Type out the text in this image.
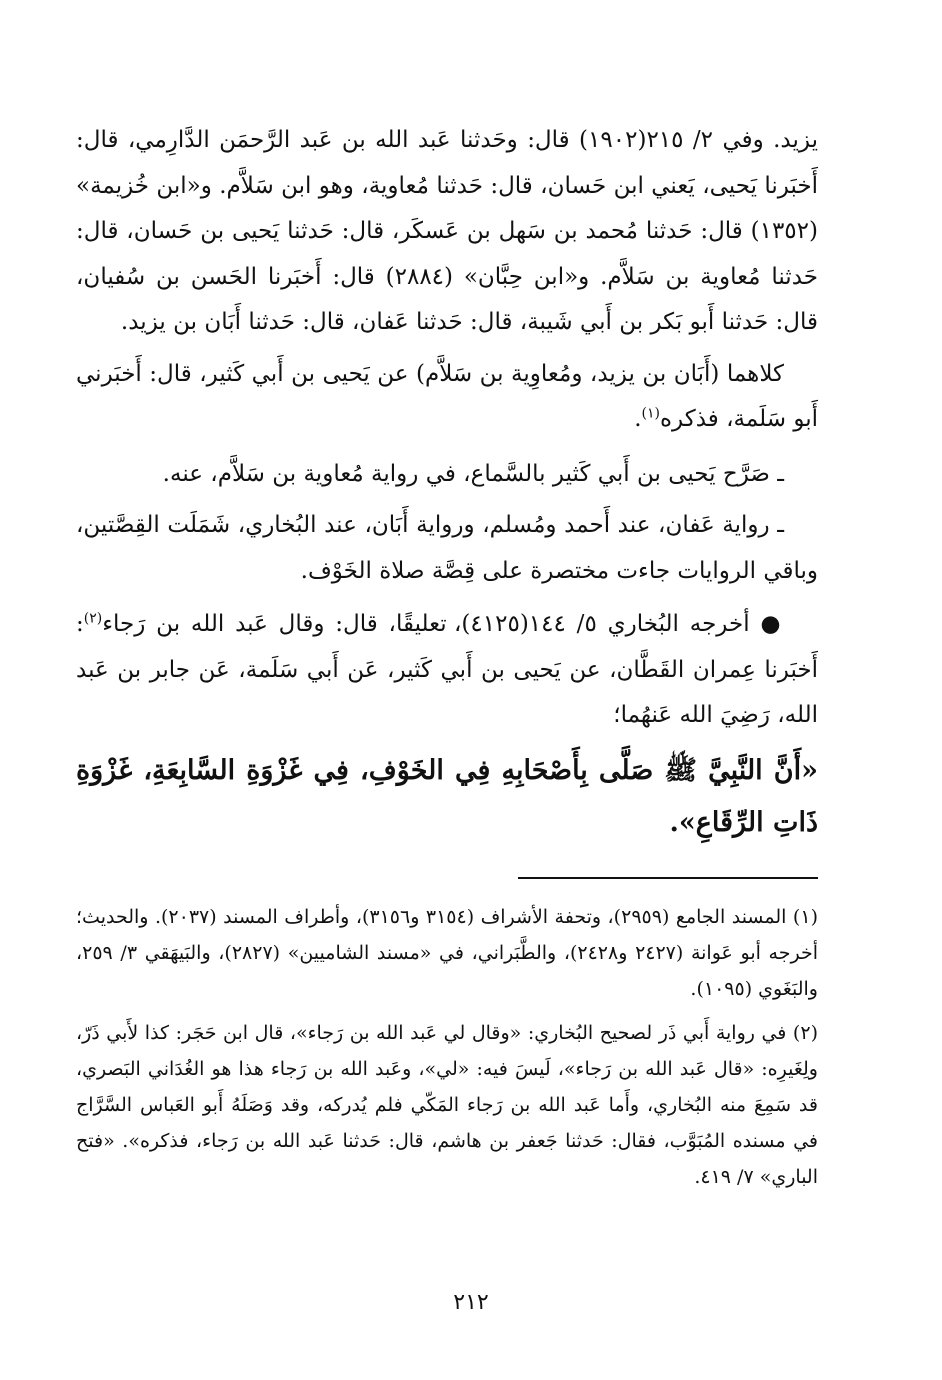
يزيد. وفي ٢/ ٢١٥(١٩٠٢) قال: وحَدثنا عَبد الله بن عَبد الرَّحمَن الدَّارِمي، قال: أَخبَرنا يَحيى، يَعني ابن حَسان، قال: حَدثنا مُعاوية، وهو ابن سَلاَّم. و«ابن خُزيمة» (١٣٥٢) قال: حَدثنا مُحمد بن سَهل بن عَسكَر، قال: حَدثنا يَحيى بن حَسان، قال: حَدثنا مُعاوية بن سَلاَّم. و«ابن حِبَّان» (٢٨٨٤) قال: أَخبَرنا الحَسن بن سُفيان، قال: حَدثنا أَبو بَكر بن أَبي شَيبة، قال: حَدثنا عَفان، قال: حَدثنا أَبَان بن يزيد.

كلاهما (أَبَان بن يزيد، ومُعاوِية بن سَلاَّم) عن يَحيى بن أَبي كَثير، قال: أَخبَرني أَبو سَلَمة، فذكره$^{(١)}$.

ـ صَرَّح يَحيى بن أَبي كَثير بالسَّماع، في رواية مُعاوية بن سَلاَّم، عنه.

ـ رواية عَفان، عند أَحمد ومُسلم، ورواية أَبَان، عند البُخاري، شَمَلَت القِصَّتين، وباقي الروايات جاءت مختصرة على قِصَّة صلاة الخَوْف.

● أخرجه البُخاري ٥/ ١٤٤(٤١٢٥)، تعليقًا، قال: وقال عَبد الله بن رَجاء$^{(٢)}$: أَخبَرنا عِمران القَطَّان، عن يَحيى بن أَبي كَثير، عَن أَبي سَلَمة، عَن جابر بن عَبد الله، رَضِيَ الله عَنهُما؛

«أَنَّ النَّبِيَّ ﷺ صَلَّى بِأَصْحَابِهِ فِي الخَوْفِ، فِي غَزْوَةِ السَّابِعَةِ، غَزْوَةِ ذَاتِ الرِّقَاعِ».

(١) المسند الجامع (٢٩٥٩)، وتحفة الأشراف (٣١٥٤ و٣١٥٦)، وأطراف المسند (٢٠٣٧). والحديث؛ أخرجه أبو عَوانة (٢٤٢٧ و٢٤٢٨)، والطَّبَراني، في «مسند الشاميين» (٢٨٢٧)، والبَيهَقي ٣/ ٢٥٩، والبَغَوي (١٠٩٥).

(٢) في رواية أَبي ذَر لصحيح البُخاري: «وقال لي عَبد الله بن رَجاء»، قال ابن حَجَر: كذا لأَبي ذَرّ، ولِغَيرِه: «قال عَبد الله بن رَجاء»، لَيسَ فيه: «لي»، وعَبد الله بن رَجاء هذا هو الغُدَاني البَصري، قد سَمِعَ منه البُخاري، وأَما عَبد الله بن رَجاء المَكّي فلم يُدركه، وقد وَصَلَهُ أَبو العَباس السَّرَّاج في مسنده المُبَوَّب، فقال: حَدثنا جَعفر بن هاشم، قال: حَدثنا عَبد الله بن رَجاء، فذكره». «فتح الباري» ٧/ ٤١٩.

٢١٢
